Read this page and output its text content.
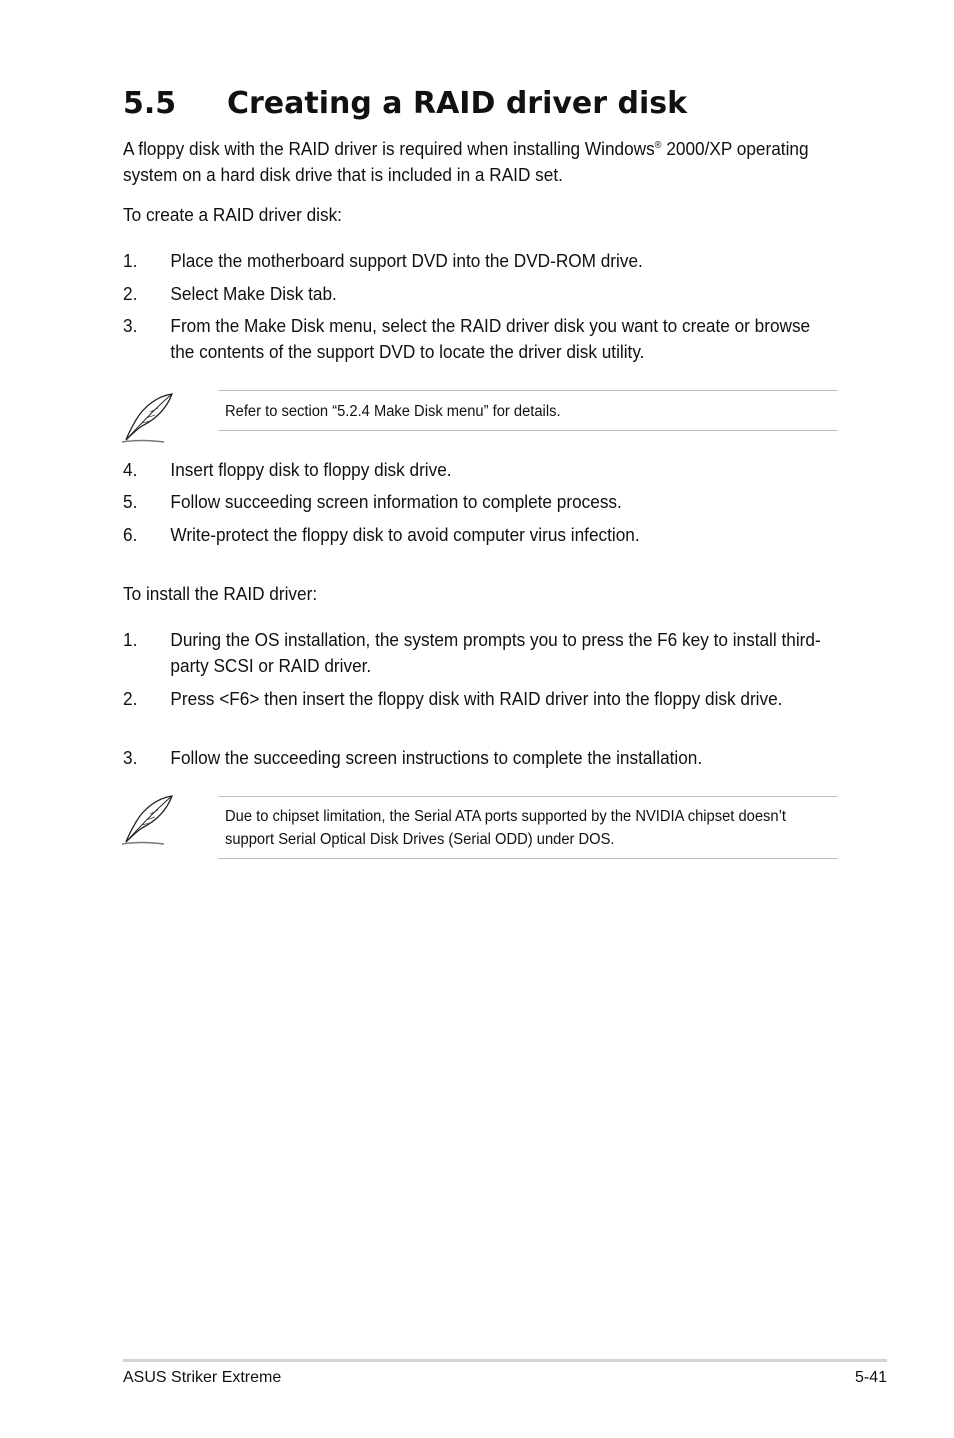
5.5 Creating a RAID driver disk

A floppy disk with the RAID driver is required when installing Windows® 2000/XP operating system on a hard disk drive that is included in a RAID set.

To create a RAID driver disk:

1. Place the motherboard support DVD into the DVD-ROM drive.
2. Select Make Disk tab.
3. From the Make Disk menu, select the RAID driver disk you want to create or browse the contents of the support DVD to locate the driver disk utility.
Refer to section “5.2.4 Make Disk menu” for details.
4. Insert floppy disk to floppy disk drive.
5. Follow succeeding screen information to complete process.
6. Write-protect the floppy disk to avoid computer virus infection.

To install the RAID driver:

1. During the OS installation, the system prompts you to press the F6 key to install third-party SCSI or RAID driver.
2. Press <F6> then insert the floppy disk with RAID driver into the floppy disk drive.
3. Follow the succeeding screen instructions to complete the installation.
Due to chipset limitation, the Serial ATA ports supported by the NVIDIA chipset doesn’t support Serial Optical Disk Drives (Serial ODD) under DOS.
ASUS Striker Extreme	5-41
